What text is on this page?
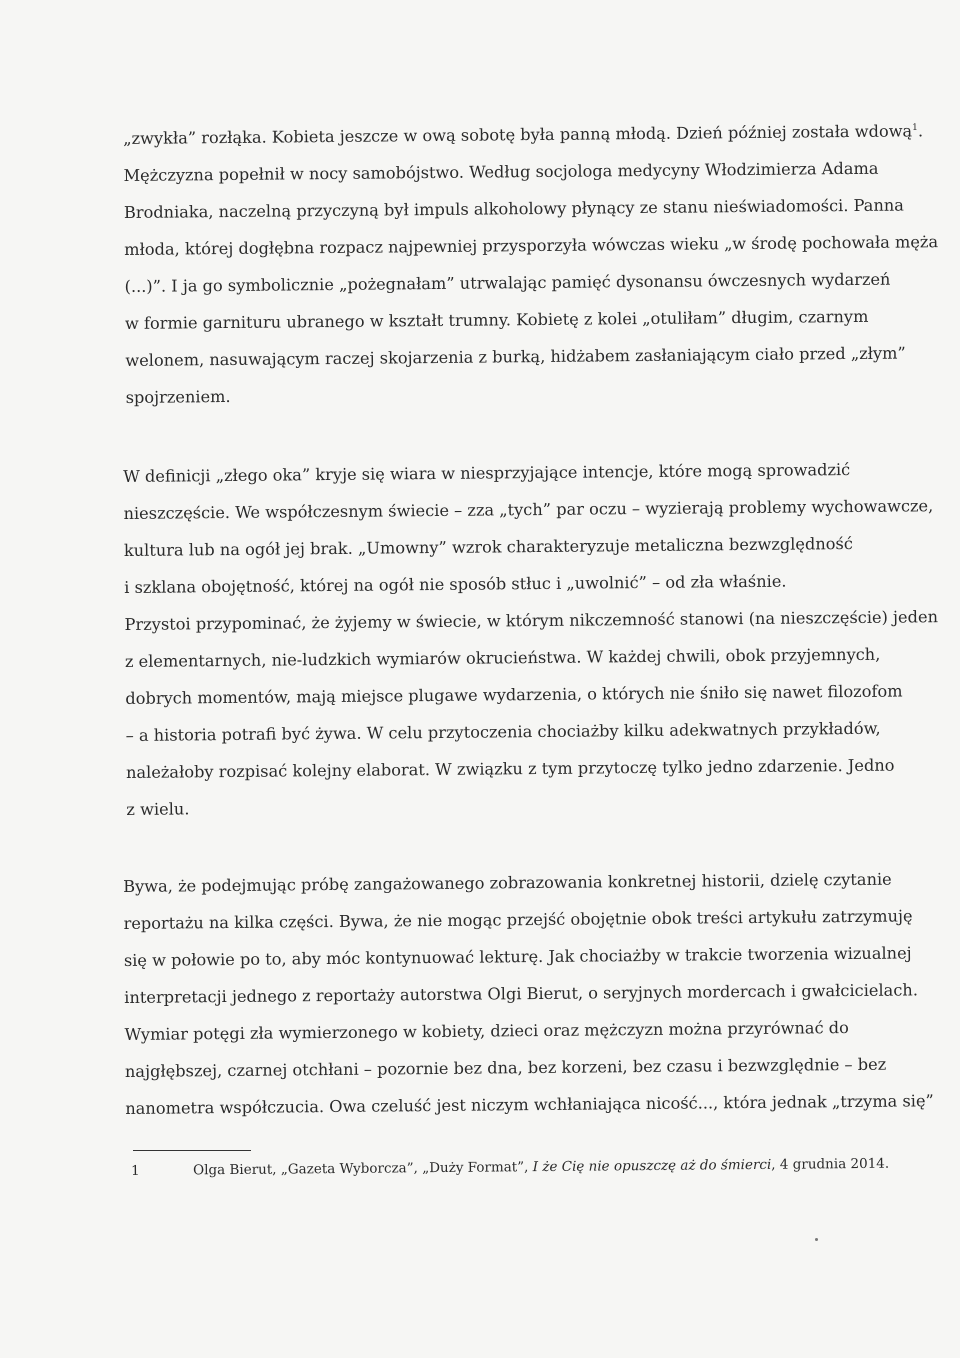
„zwykła” rozłąka. Kobieta jeszcze w ową sobotę była panną młodą. Dzień później została wdową$^1$.
Mężczyzna popełnił w nocy samobójstwo. Według socjologa medycyny Włodzimierza Adama
Brodniaka, naczelną przyczyną był impuls alkoholowy płynący ze stanu nieświadomości. Panna
młoda, której dogłębna rozpacz najpewniej przysporzyła wówczas wieku „w środę pochowała męża
(...)”. I ja go symbolicznie „pożegnałam” utrwalając pamięć dysonansu ówczesnych wydarzeń
w formie garnituru ubranego w kształt trumny. Kobietę z kolei „otuliłam” długim, czarnym
welonem, nasuwającym raczej skojarzenia z burką, hidżabem zasłaniającym ciało przed „złym”
spojrzeniem.
W definicji „złego oka” kryje się wiara w niesprzyjające intencje, które mogą sprowadzić
nieszczęście. We współczesnym świecie – zza „tych” par oczu – wyzierają problemy wychowawcze,
kultura lub na ogół jej brak. „Umowny” wzrok charakteryzuje metaliczna bezwzględność
i szklana obojętność, której na ogół nie sposób stłuc i „uwolnić” – od zła właśnie.
Przystoi przypominać, że żyjemy w świecie, w którym nikczemność stanowi (na nieszczęście) jeden
z elementarnych, nie-ludzkich wymiarów okrucieństwa. W każdej chwili, obok przyjemnych,
dobrych momentów, mają miejsce plugawe wydarzenia, o których nie śniło się nawet filozofom
– a historia potrafi być żywa. W celu przytoczenia chociażby kilku adekwatnych przykładów,
należałoby rozpisać kolejny elaborat. W związku z tym przytoczę tylko jedno zdarzenie. Jedno
z wielu.
Bywa, że podejmując próbę zangażowanego zobrazowania konkretnej historii, dzielę czytanie
reportażu na kilka części. Bywa, że nie mogąc przejść obojętnie obok treści artykułu zatrzymuję
się w połowie po to, aby móc kontynuować lekturę. Jak chociażby w trakcie tworzenia wizualnej
interpretacji jednego z reportaży autorstwa Olgi Bierut, o seryjnych mordercach i gwałcicielach.
Wymiar potęgi zła wymierzonego w kobiety, dzieci oraz mężczyzn można przyrównać do
najgłębszej, czarnej otchłani – pozornie bez dna, bez korzeni, bez czasu i bezwzględnie – bez
nanometra współczucia. Owa czeluść jest niczym wchłaniająca nicość..., która jednak „trzyma się”
1	Olga Bierut, „Gazeta Wyborcza”, „Duży Format”, I że Cię nie opuszczę aż do śmierci, 4 grudnia 2014.
